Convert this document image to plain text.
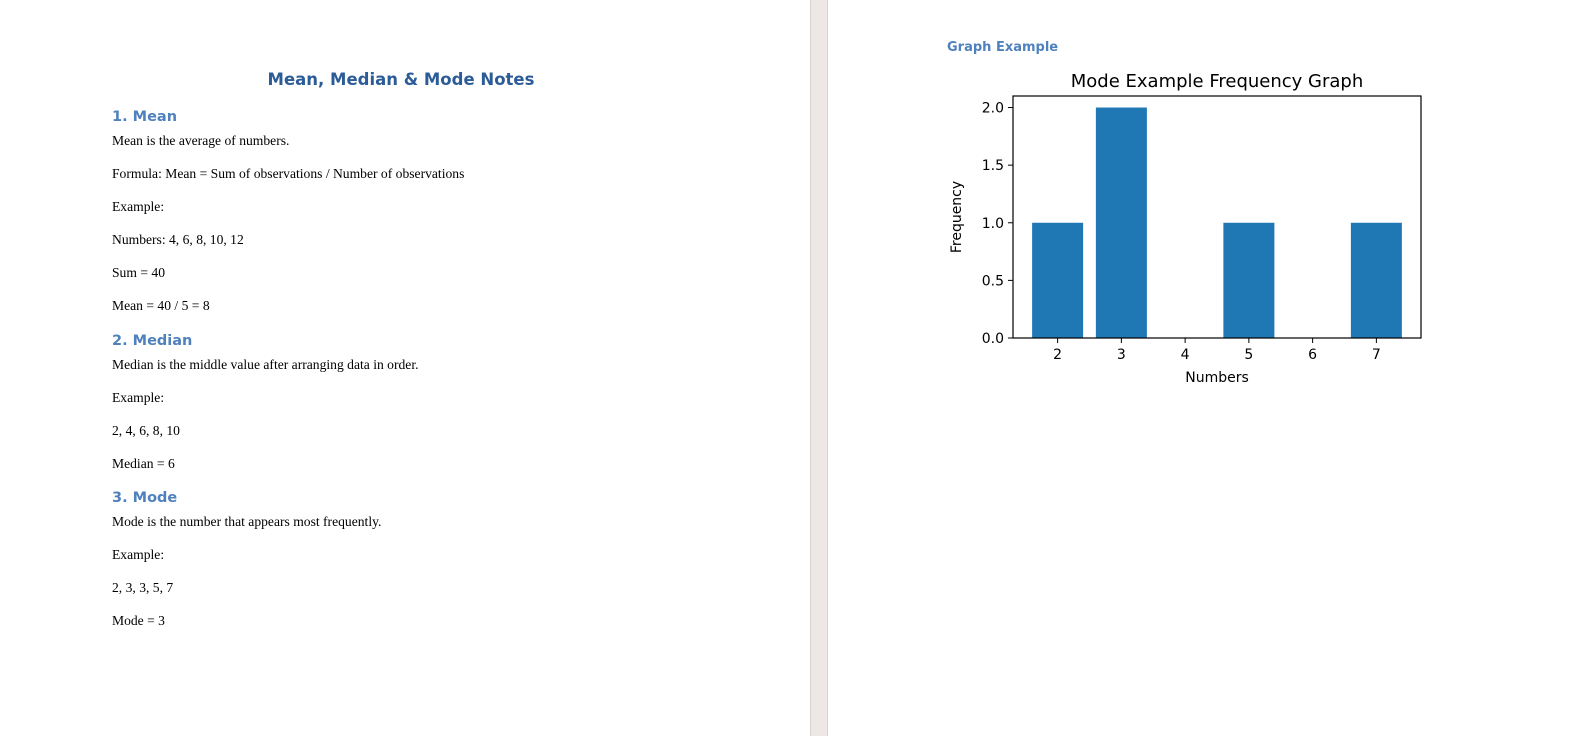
Mean, Median & Mode Notes
1. Mean
Mean is the average of numbers.
Formula: Mean = Sum of observations / Number of observations
Example:
Numbers: 4, 6, 8, 10, 12
Sum = 40
Mean = 40 / 5 = 8
2. Median
Median is the middle value after arranging data in order.
Example:
2, 4, 6, 8, 10
Median = 6
3. Mode
Mode is the number that appears most frequently.
Example:
2, 3, 3, 5, 7
Mode = 3
Graph Example
Mode Example Frequency Graph
0.0
0.5
1.0
1.5
2.0
2	3	4	5	6	7
Frequency
Numbers
